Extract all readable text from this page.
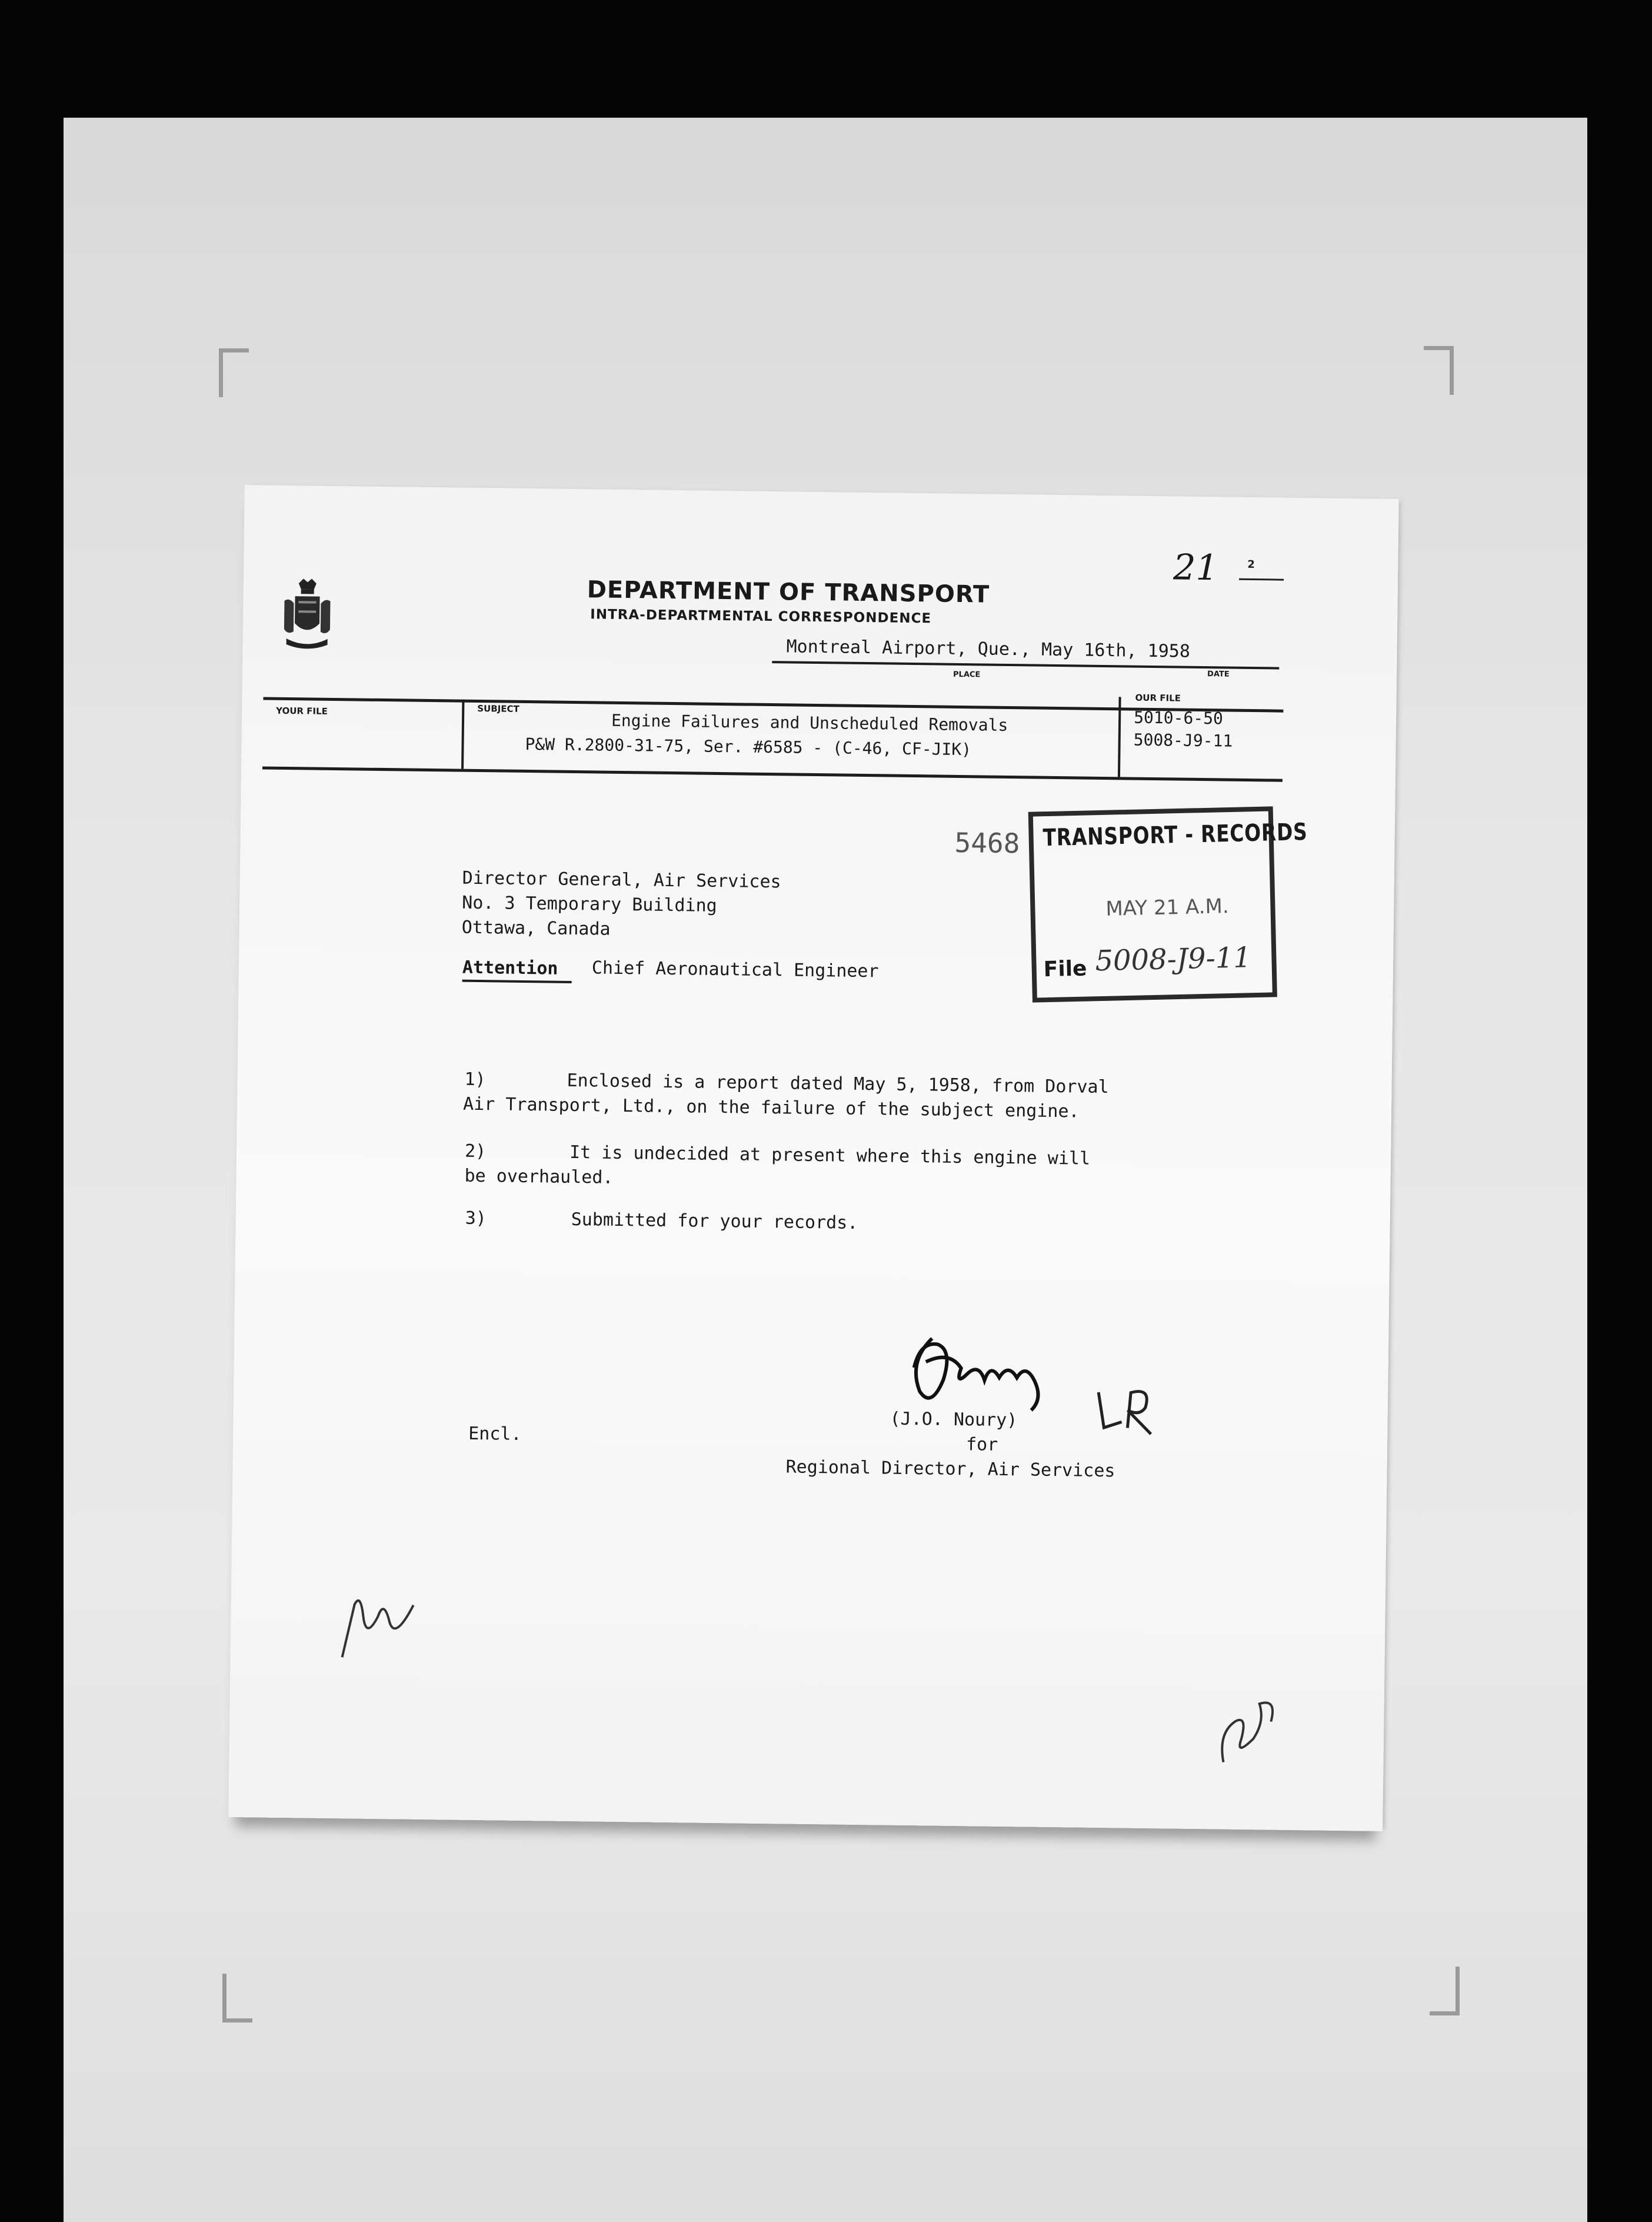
DEPARTMENT OF TRANSPORT
INTRA-DEPARTMENTAL CORRESPONDENCE
21	2
Montreal Airport, Que., May 16th, 1958
PLACE	DATE
YOUR FILE	SUBJECT
Engine Failures and Unscheduled Removals
P&W R.2800-31-75, Ser. #6585 - (C-46, CF-JIK)
OUR FILE
5010-6-50
5008-J9-11
5468 TRANSPORT - RECORDS
MAY 21 A.M.
File 5008-J9-11
Director General, Air Services
No. 3 Temporary Building
Ottawa, Canada
Attention Chief Aeronautical Engineer
1)	Enclosed is a report dated May 5, 1958, from Dorval
Air Transport, Ltd., on the failure of the subject engine.
2)	It is undecided at present where this engine will
be overhauled.
3)	Submitted for your records.
(J.O. Noury)
for
Regional Director, Air Services
Encl.
